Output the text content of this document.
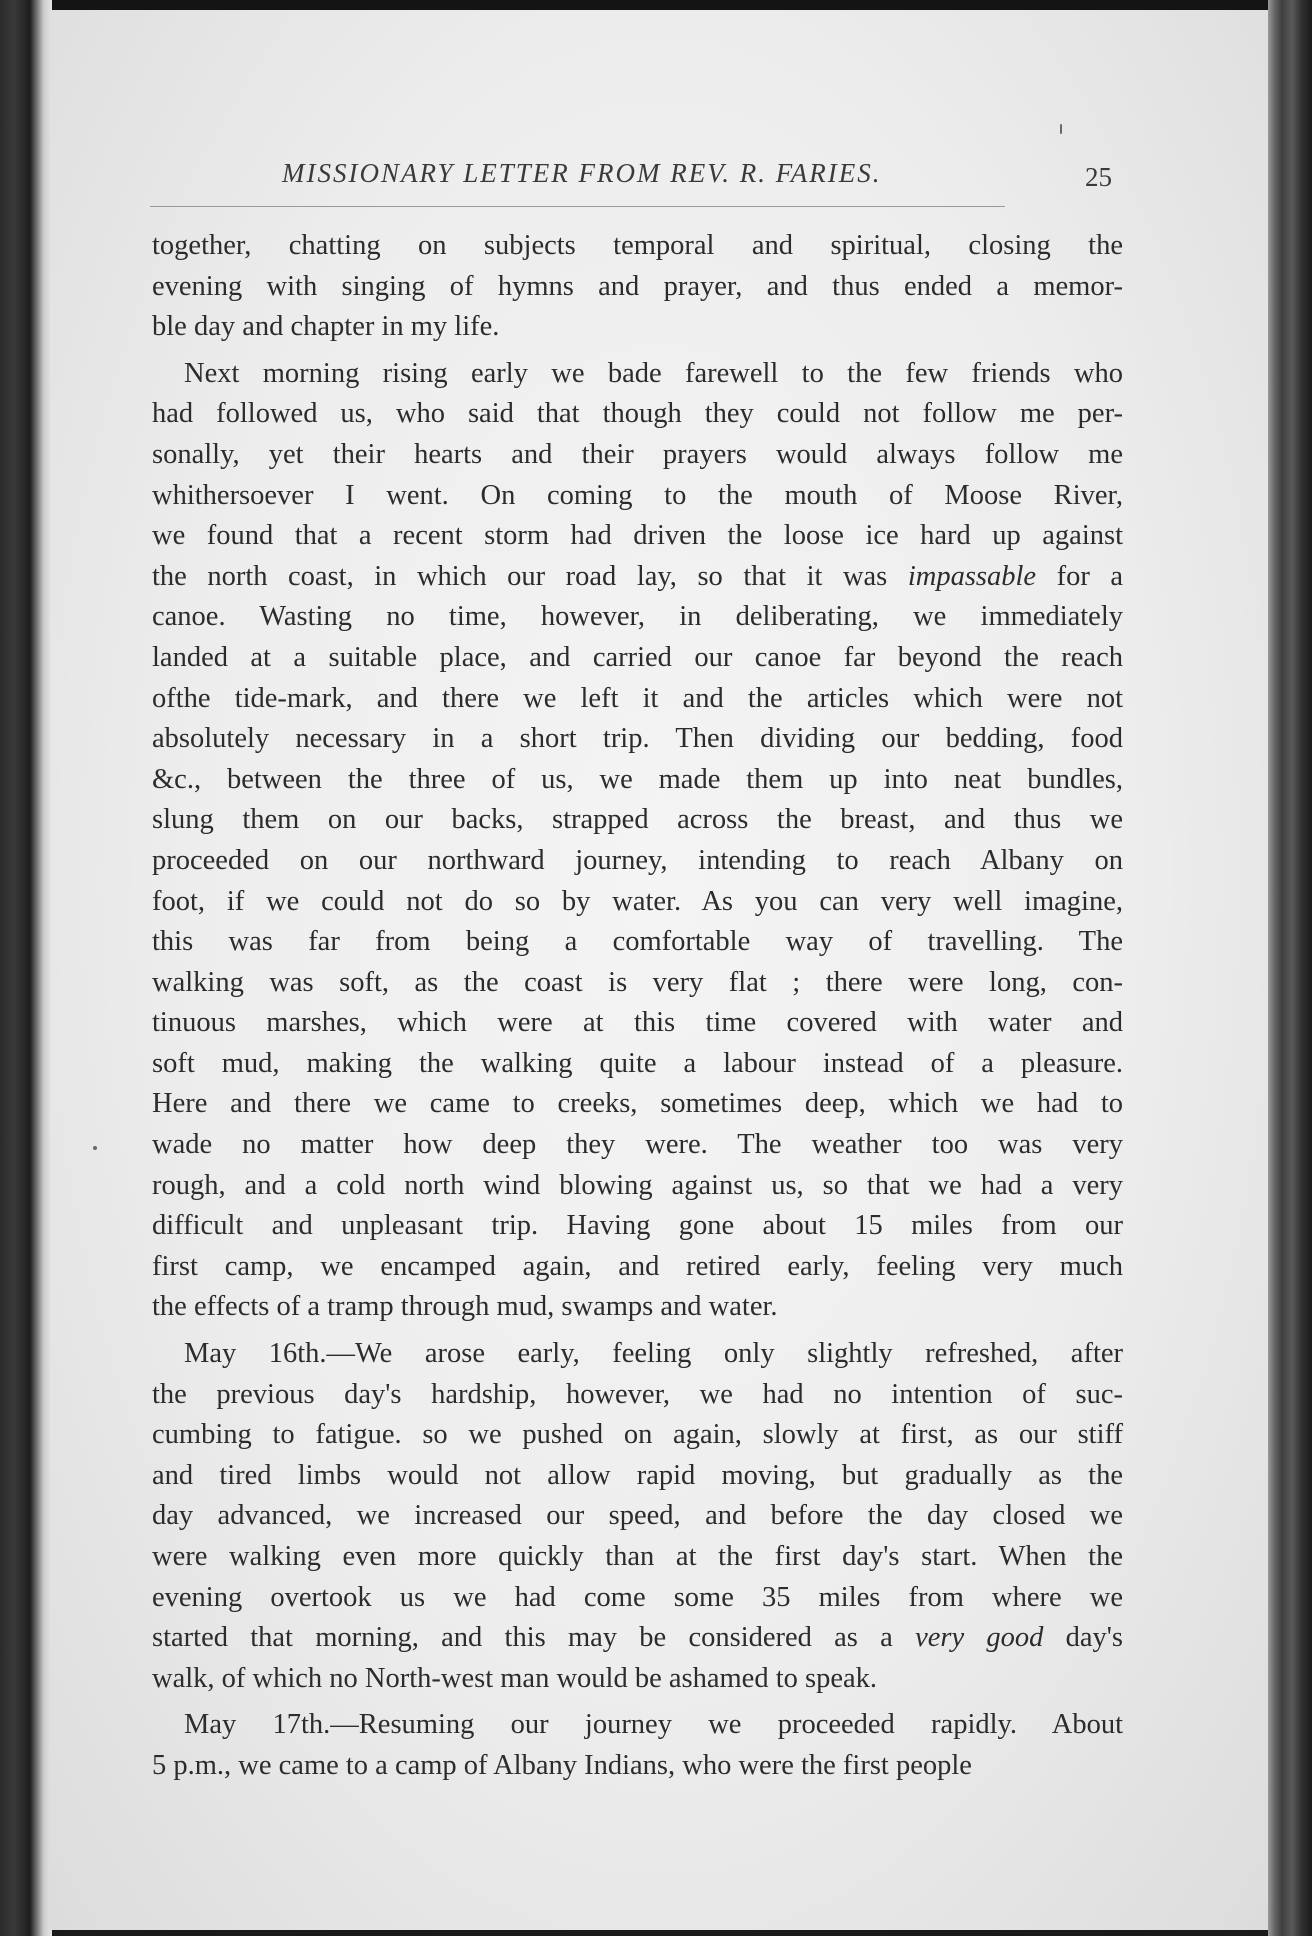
MISSIONARY LETTER FROM REV. R. FARIES.	25
together, chatting on subjects temporal and spiritual, closing the
evening with singing of hymns and prayer, and thus ended a memor-
ble day and chapter in my life.
Next morning rising early we bade farewell to the few friends who
had followed us, who said that though they could not follow me per-
sonally, yet their hearts and their prayers would always follow me
whithersoever I went. On coming to the mouth of Moose River,
we found that a recent storm had driven the loose ice hard up against
the north coast, in which our road lay, so that it was impassable for a
canoe. Wasting no time, however, in deliberating, we immediately
landed at a suitable place, and carried our canoe far beyond the reach
ofthe tide-mark, and there we left it and the articles which were not
absolutely necessary in a short trip. Then dividing our bedding, food
&c., between the three of us, we made them up into neat bundles,
slung them on our backs, strapped across the breast, and thus we
proceeded on our northward journey, intending to reach Albany on
foot, if we could not do so by water. As you can very well imagine,
this was far from being a comfortable way of travelling. The
walking was soft, as the coast is very flat ; there were long, con-
tinuous marshes, which were at this time covered with water and
soft mud, making the walking quite a labour instead of a pleasure.
Here and there we came to creeks, sometimes deep, which we had to
wade no matter how deep they were. The weather too was very
rough, and a cold north wind blowing against us, so that we had a very
difficult and unpleasant trip. Having gone about 15 miles from our
first camp, we encamped again, and retired early, feeling very much
the effects of a tramp through mud, swamps and water.
May 16th.—We arose early, feeling only slightly refreshed, after
the previous day's hardship, however, we had no intention of suc-
cumbing to fatigue. so we pushed on again, slowly at first, as our stiff
and tired limbs would not allow rapid moving, but gradually as the
day advanced, we increased our speed, and before the day closed we
were walking even more quickly than at the first day's start. When the
evening overtook us we had come some 35 miles from where we
started that morning, and this may be considered as a very good day's
walk, of which no North-west man would be ashamed to speak.
May 17th.—Resuming our journey we proceeded rapidly. About
5 p.m., we came to a camp of Albany Indians, who were the first people
